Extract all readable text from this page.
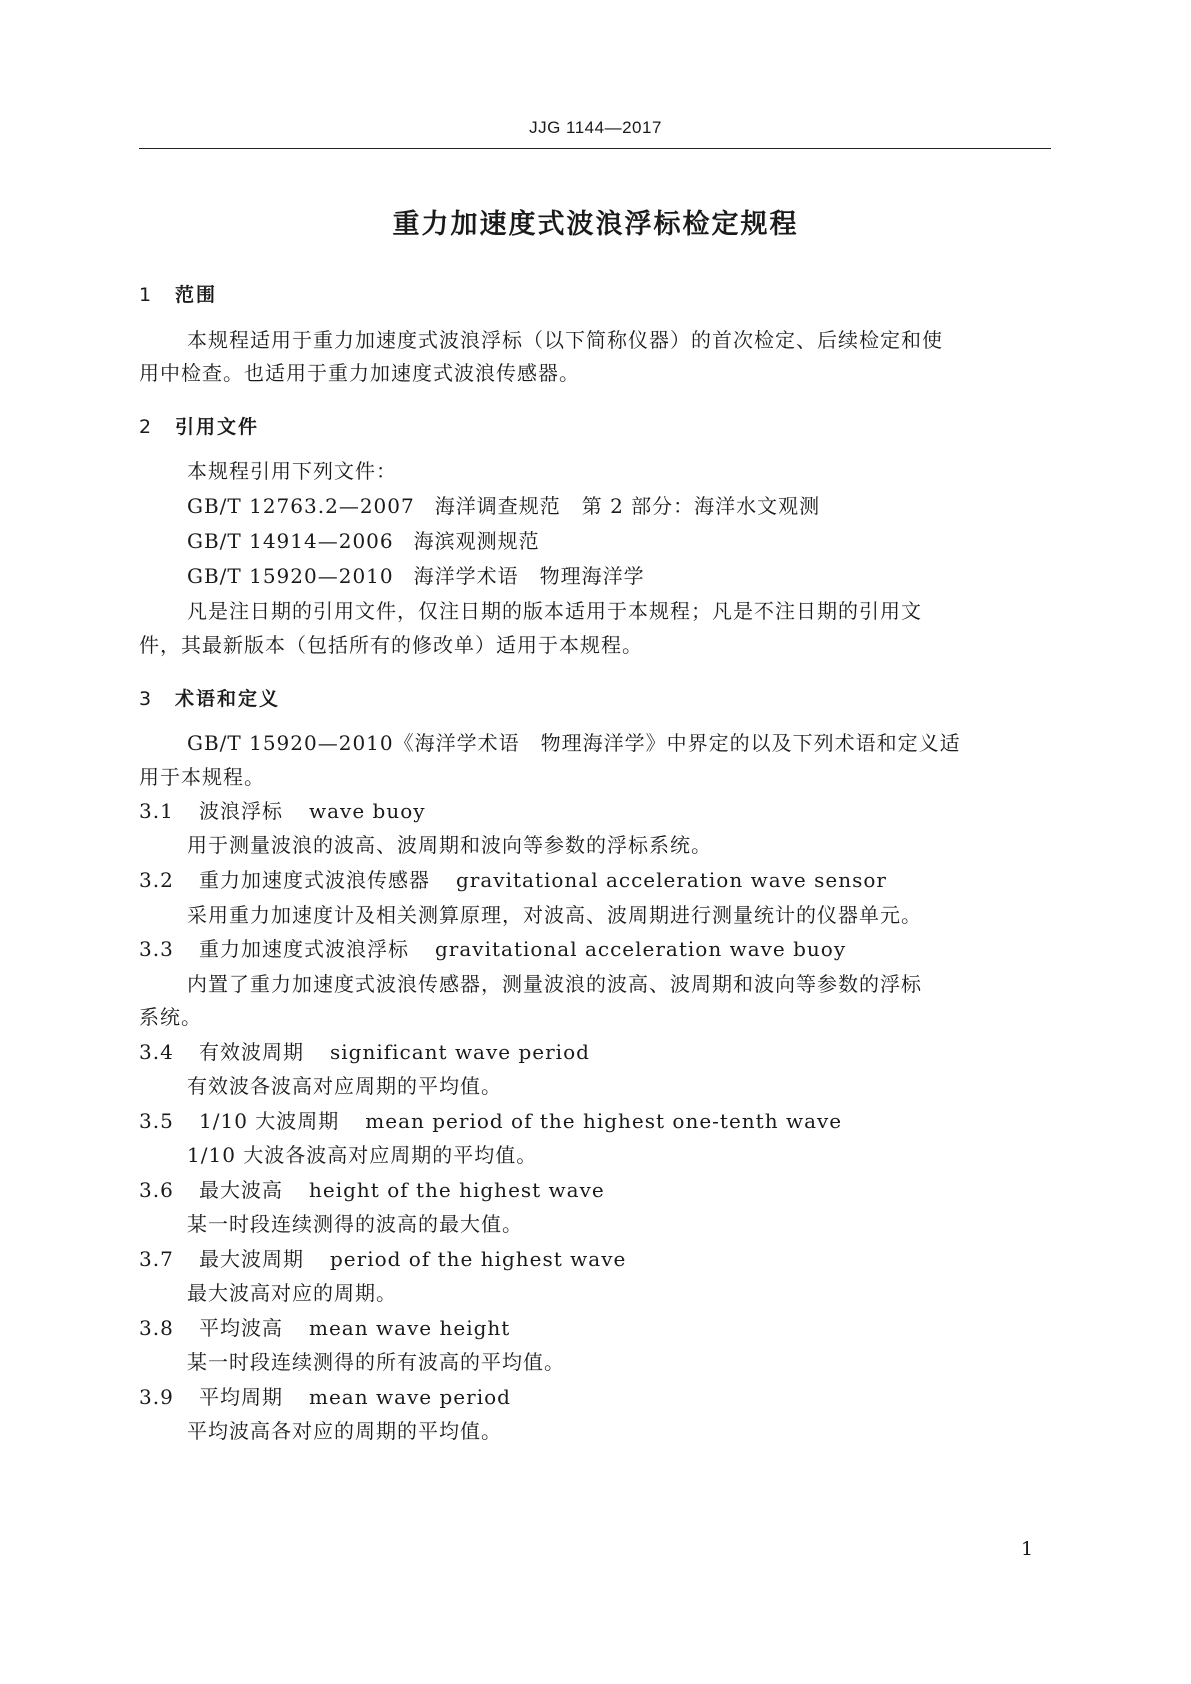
JJG 1144—2017
重力加速度式波浪浮标检定规程
1 范围
本规程适用于重力加速度式波浪浮标（以下简称仪器）的首次检定、后续检定和使
用中检查。也适用于重力加速度式波浪传感器。
2 引用文件
本规程引用下列文件：
GB/T 12763.2—2007 海洋调查规范　第 2 部分：海洋水文观测
GB/T 14914—2006 海滨观测规范
GB/T 15920—2010 海洋学术语　物理海洋学
凡是注日期的引用文件，仅注日期的版本适用于本规程；凡是不注日期的引用文
件，其最新版本（包括所有的修改单）适用于本规程。
3 术语和定义
GB/T 15920—2010《海洋学术语　物理海洋学》中界定的以及下列术语和定义适
用于本规程。
3.1 波浪浮标 wave buoy
用于测量波浪的波高、波周期和波向等参数的浮标系统。
3.2 重力加速度式波浪传感器 gravitational acceleration wave sensor
采用重力加速度计及相关测算原理，对波高、波周期进行测量统计的仪器单元。
3.3 重力加速度式波浪浮标 gravitational acceleration wave buoy
内置了重力加速度式波浪传感器，测量波浪的波高、波周期和波向等参数的浮标
系统。
3.4 有效波周期 significant wave period
有效波各波高对应周期的平均值。
3.5 1/10 大波周期 mean period of the highest one-tenth wave
1/10 大波各波高对应周期的平均值。
3.6 最大波高 height of the highest wave
某一时段连续测得的波高的最大值。
3.7 最大波周期 period of the highest wave
最大波高对应的周期。
3.8 平均波高 mean wave height
某一时段连续测得的所有波高的平均值。
3.9 平均周期 mean wave period
平均波高各对应的周期的平均值。
1
